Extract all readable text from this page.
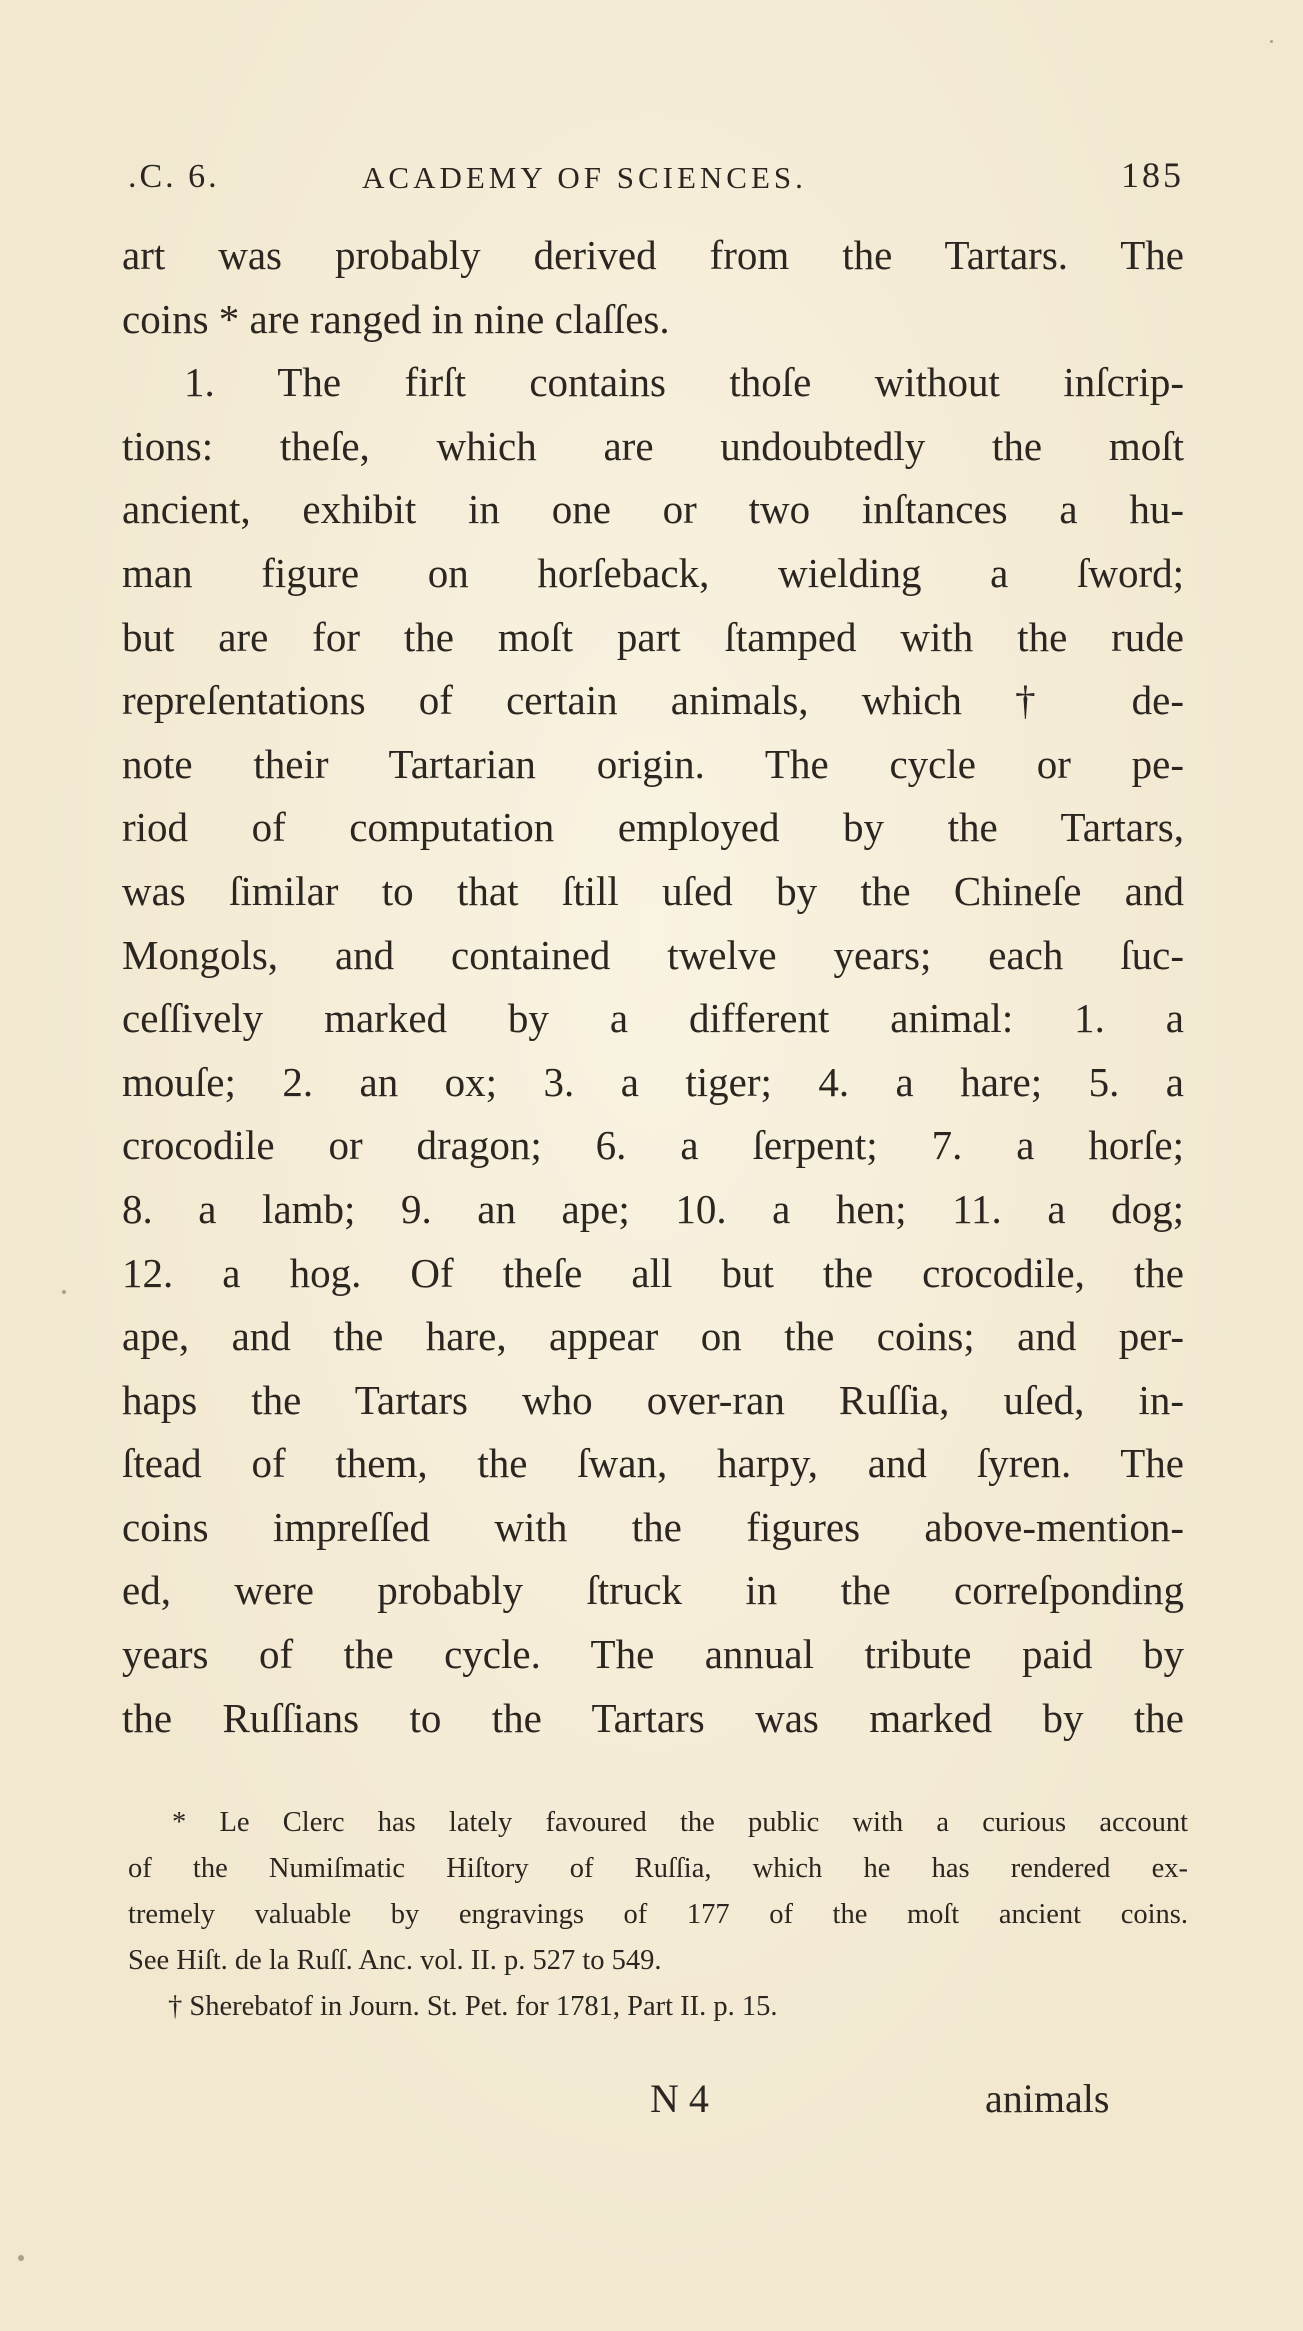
.C. 6.	ACADEMY OF SCIENCES.	185
art was probably derived from the Tartars. The
coins * are ranged in nine claſſes.
1. The firſt contains thoſe without inſcrip-
tions: theſe, which are undoubtedly the moſt
ancient, exhibit in one or two inſtances a hu-
man figure on horſeback, wielding a ſword;
but are for the moſt part ſtamped with the rude
repreſentations of certain animals, which † de-
note their Tartarian origin. The cycle or pe-
riod of computation employed by the Tartars,
was ſimilar to that ſtill uſed by the Chineſe and
Mongols, and contained twelve years; each ſuc-
ceſſively marked by a different animal: 1. a
mouſe; 2. an ox; 3. a tiger; 4. a hare; 5. a
crocodile or dragon; 6. a ſerpent; 7. a horſe;
8. a lamb; 9. an ape; 10. a hen; 11. a dog;
12. a hog. Of theſe all but the crocodile, the
ape, and the hare, appear on the coins; and per-
haps the Tartars who over-ran Ruſſia, uſed, in-
ſtead of them, the ſwan, harpy, and ſyren. The
coins impreſſed with the figures above-mention-
ed, were probably ſtruck in the correſponding
years of the cycle. The annual tribute paid by
the Ruſſians to the Tartars was marked by the
* Le Clerc has lately favoured the public with a curious account
of the Numiſmatic Hiſtory of Ruſſia, which he has rendered ex-
tremely valuable by engravings of 177 of the moſt ancient coins.
See Hiſt. de la Ruſſ. Anc. vol. II. p. 527 to 549.
† Sherebatof in Journ. St. Pet. for 1781, Part II. p. 15.
N 4	animals
